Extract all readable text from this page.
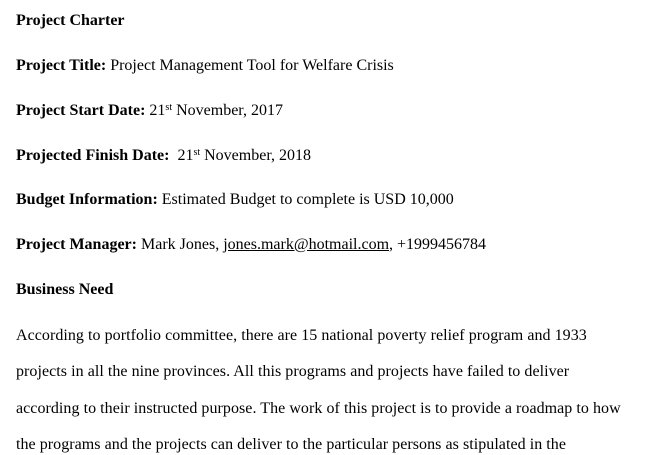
Project Charter
Project Title: Project Management Tool for Welfare Crisis
Project Start Date: 21st November, 2017
Projected Finish Date: 21st November, 2018
Budget Information: Estimated Budget to complete is USD 10,000
Project Manager: Mark Jones, jones.mark@hotmail.com, +1999456784
Business Need
According to portfolio committee, there are 15 national poverty relief program and 1933
projects in all the nine provinces. All this programs and projects have failed to deliver
according to their instructed purpose. The work of this project is to provide a roadmap to how
the programs and the projects can deliver to the particular persons as stipulated in the
